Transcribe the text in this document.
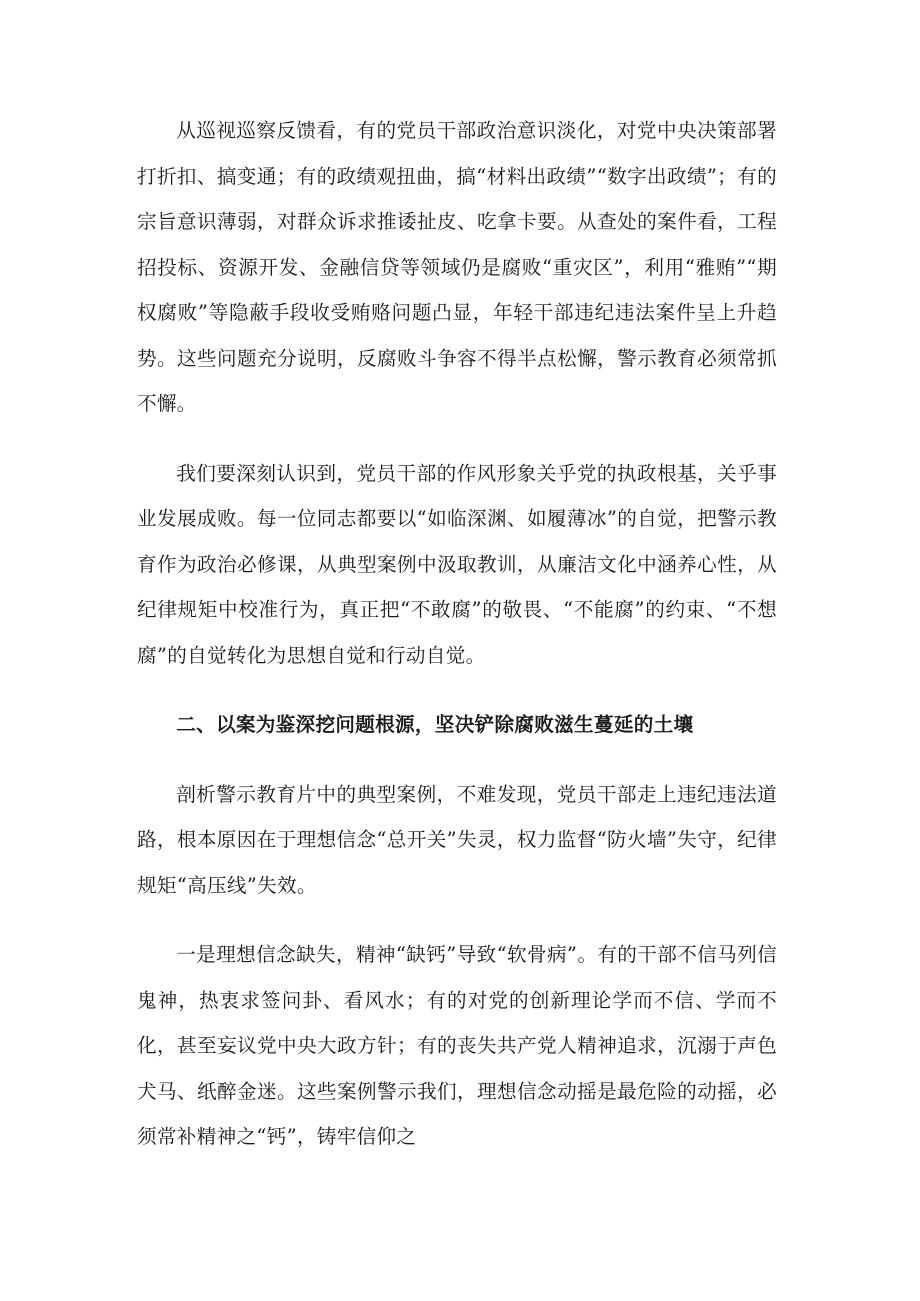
从巡视巡察反馈看，有的党员干部政治意识淡化，对党中央决策部署打折扣、搞变通；有的政绩观扭曲，搞“材料出政绩”“数字出政绩”；有的宗旨意识薄弱，对群众诉求推诿扯皮、吃拿卡要。从查处的案件看，工程招投标、资源开发、金融信贷等领域仍是腐败“重灾区”，利用“雅贿”“期权腐败”等隐蔽手段收受贿赂问题凸显，年轻干部违纪违法案件呈上升趋势。这些问题充分说明，反腐败斗争容不得半点松懈，警示教育必须常抓不懈。

我们要深刻认识到，党员干部的作风形象关乎党的执政根基，关乎事业发展成败。每一位同志都要以“如临深渊、如履薄冰”的自觉，把警示教育作为政治必修课，从典型案例中汲取教训，从廉洁文化中涵养心性，从纪律规矩中校准行为，真正把“不敢腐”的敬畏、“不能腐”的约束、“不想腐”的自觉转化为思想自觉和行动自觉。

二、以案为鉴深挖问题根源，坚决铲除腐败滋生蔓延的土壤

剖析警示教育片中的典型案例，不难发现，党员干部走上违纪违法道路，根本原因在于理想信念“总开关”失灵，权力监督“防火墙”失守，纪律规矩“高压线”失效。

一是理想信念缺失，精神“缺钙”导致“软骨病”。有的干部不信马列信鬼神，热衷求签问卦、看风水；有的对党的创新理论学而不信、学而不化，甚至妄议党中央大政方针；有的丧失共产党人精神追求，沉溺于声色犬马、纸醉金迷。这些案例警示我们，理想信念动摇是最危险的动摇，必须常补精神之“钙”，铸牢信仰之
